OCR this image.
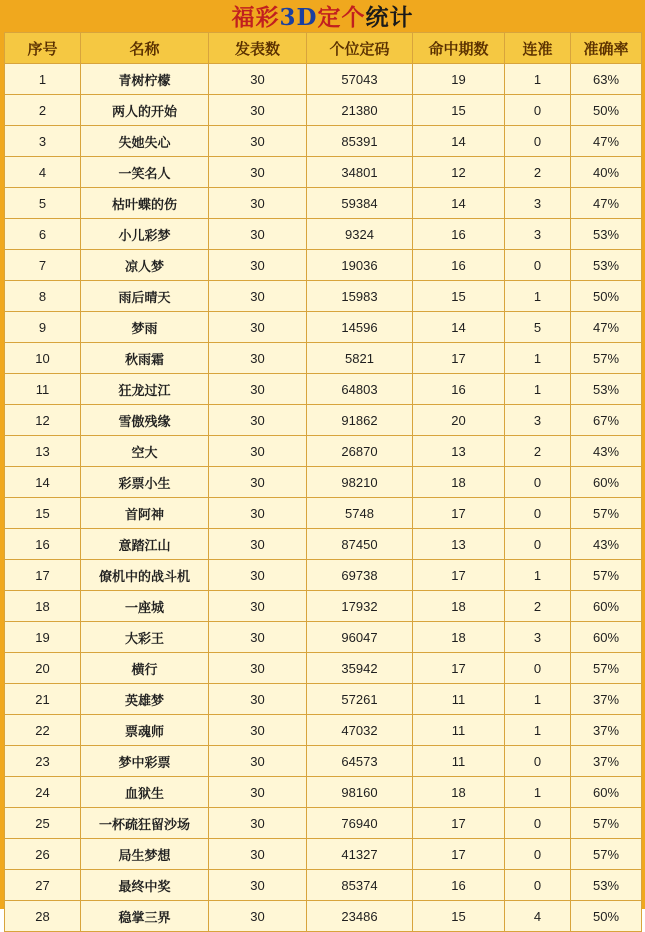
福彩3D定个统计
序号	名称	发表数	个位定码	命中期数	连准	准确率
1	青树柠檬	30	57043	19	1	63%
2	两人的开始	30	21380	15	0	50%
3	失她失心	30	85391	14	0	47%
4	一笑名人	30	34801	12	2	40%
5	枯叶蝶的伤	30	59384	14	3	47%
6	小儿彩梦	30	9324	16	3	53%
7	凉人梦	30	19036	16	0	53%
8	雨后晴天	30	15983	15	1	50%
9	梦雨	30	14596	14	5	47%
10	秋雨霜	30	5821	17	1	57%
11	狂龙过江	30	64803	16	1	53%
12	雪傲残缘	30	91862	20	3	67%
13	空大	30	26870	13	2	43%
14	彩票小生	30	98210	18	0	60%
15	首阿神	30	5748	17	0	57%
16	意踏江山	30	87450	13	0	43%
17	僚机中的战斗机	30	69738	17	1	57%
18	一座城	30	17932	18	2	60%
19	大彩王	30	96047	18	3	60%
20	横行	30	35942	17	0	57%
21	英雄梦	30	57261	11	1	37%
22	票魂师	30	47032	11	1	37%
23	梦中彩票	30	64573	11	0	37%
24	血狱生	30	98160	18	1	60%
25	一杯疏狂留沙场	30	76940	17	0	57%
26	局生梦想	30	41327	17	0	57%
27	最终中奖	30	85374	16	0	53%
28	稳掌三界	30	23486	15	4	50%
